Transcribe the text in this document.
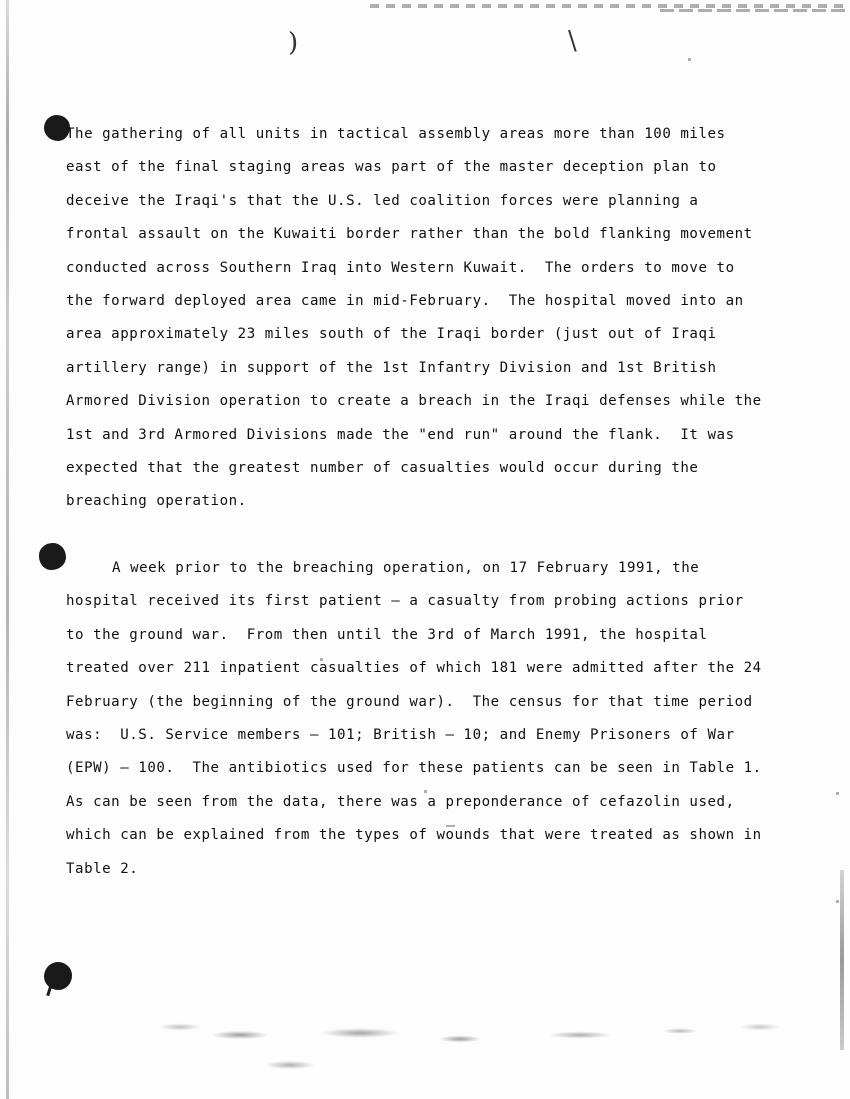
)	\

The gathering of all units in tactical assembly areas more than 100 miles east of the final staging areas was part of the master deception plan to deceive the Iraqi's that the U.S. led coalition forces were planning a frontal assault on the Kuwaiti border rather than the bold flanking movement conducted across Southern Iraq into Western Kuwait.  The orders to move to the forward deployed area came in mid-February.  The hospital moved into an area approximately 23 miles south of the Iraqi border (just out of Iraqi artillery range) in support of the 1st Infantry Division and 1st British Armored Division operation to create a breach in the Iraqi defenses while the 1st and 3rd Armored Divisions made the "end run" around the flank.  It was expected that the greatest number of casualties would occur during the breaching operation.

A week prior to the breaching operation, on 17 February 1991, the hospital received its first patient — a casualty from probing actions prior to the ground war.  From then until the 3rd of March 1991, the hospital treated over 211 inpatient casualties of which 181 were admitted after the 24 February (the beginning of the ground war).  The census for that time period was:  U.S. Service members — 101; British — 10; and Enemy Prisoners of War (EPW) — 100.  The antibiotics used for these patients can be seen in Table 1.  As can be seen from the data, there was a preponderance of cefazolin used, which can be explained from the types of wounds that were treated as shown in Table 2.
